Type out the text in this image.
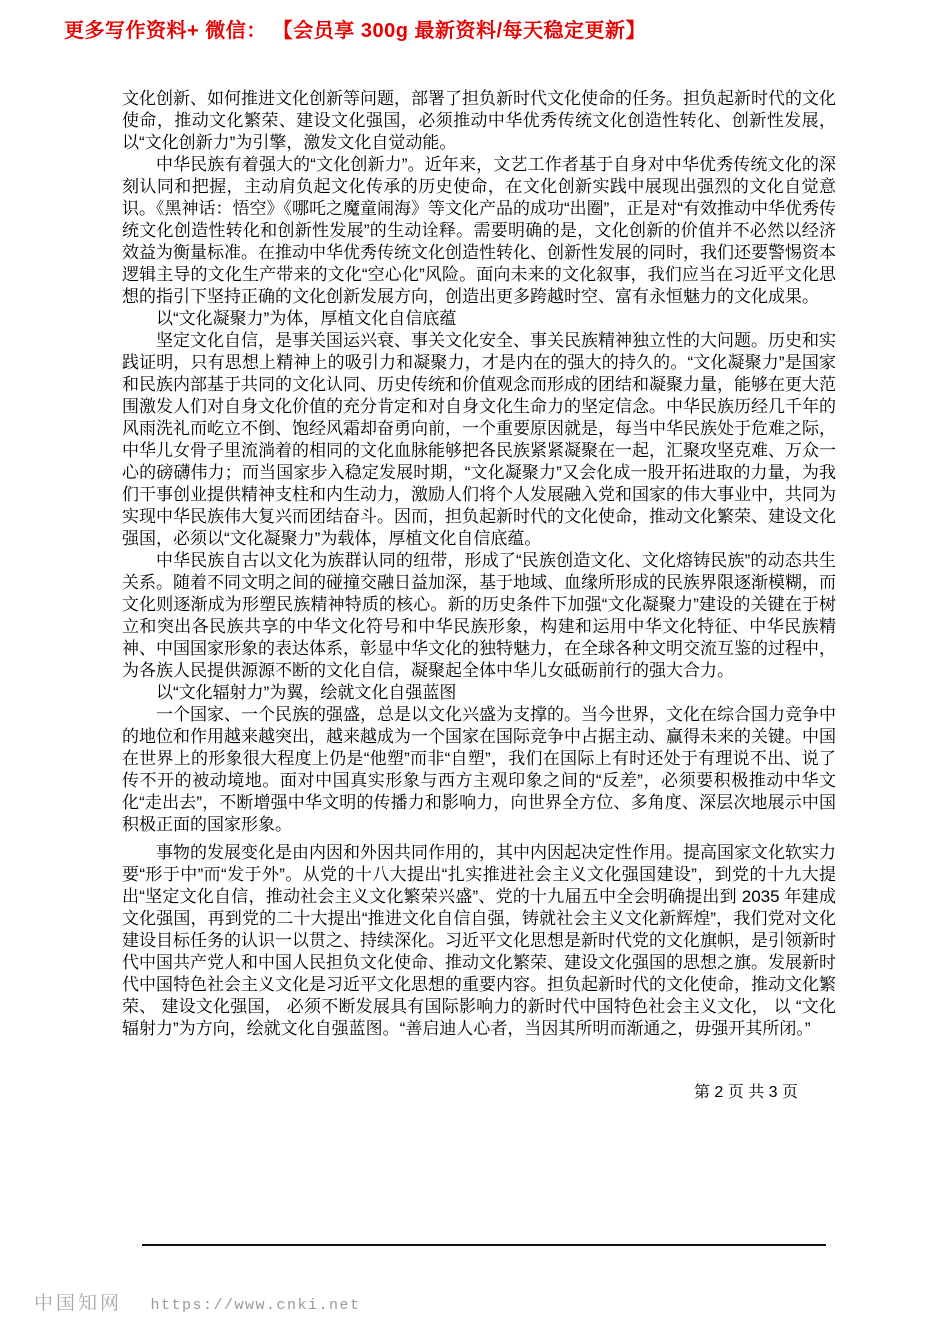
更多写作资料+ 微信： 【会员享 300g 最新资料/每天稳定更新】

文化创新、如何推进文化创新等问题，部署了担负新时代文化使命的任务。担负起新时代的文化使命，推动文化繁荣、建设文化强国，必须推动中华优秀传统文化创造性转化、创新性发展，以“文化创新力”为引擎，激发文化自觉动能。

中华民族有着强大的“文化创新力”。近年来，文艺工作者基于自身对中华优秀传统文化的深刻认同和把握，主动肩负起文化传承的历史使命，在文化创新实践中展现出强烈的文化自觉意识。《黑神话：悟空》《哪吒之魔童闹海》等文化产品的成功“出圈”，正是对“有效推动中华优秀传统文化创造性转化和创新性发展”的生动诠释。需要明确的是，文化创新的价值并不必然以经济效益为衡量标准。在推动中华优秀传统文化创造性转化、创新性发展的同时，我们还要警惕资本逻辑主导的文化生产带来的文化“空心化”风险。面向未来的文化叙事，我们应当在习近平文化思想的指引下坚持正确的文化创新发展方向，创造出更多跨越时空、富有永恒魅力的文化成果。

以“文化凝聚力”为体，厚植文化自信底蕴

坚定文化自信，是事关国运兴衰、事关文化安全、事关民族精神独立性的大问题。历史和实践证明，只有思想上精神上的吸引力和凝聚力，才是内在的强大的持久的。“文化凝聚力”是国家和民族内部基于共同的文化认同、历史传统和价值观念而形成的团结和凝聚力量，能够在更大范围激发人们对自身文化价值的充分肯定和对自身文化生命力的坚定信念。中华民族历经几千年的风雨洗礼而屹立不倒、饱经风霜却奋勇向前，一个重要原因就是，每当中华民族处于危难之际，中华儿女骨子里流淌着的相同的文化血脉能够把各民族紧紧凝聚在一起，汇聚攻坚克难、万众一心的磅礴伟力；而当国家步入稳定发展时期，“文化凝聚力”又会化成一股开拓进取的力量，为我们干事创业提供精神支柱和内生动力，激励人们将个人发展融入党和国家的伟大事业中，共同为实现中华民族伟大复兴而团结奋斗。因而，担负起新时代的文化使命，推动文化繁荣、建设文化强国，必须以“文化凝聚力”为载体，厚植文化自信底蕴。

中华民族自古以文化为族群认同的纽带，形成了“民族创造文化、文化熔铸民族”的动态共生关系。随着不同文明之间的碰撞交融日益加深，基于地域、血缘所形成的民族界限逐渐模糊，而文化则逐渐成为形塑民族精神特质的核心。新的历史条件下加强“文化凝聚力”建设的关键在于树立和突出各民族共享的中华文化符号和中华民族形象，构建和运用中华文化特征、中华民族精神、中国国家形象的表达体系，彰显中华文化的独特魅力，在全球各种文明交流互鉴的过程中，为各族人民提供源源不断的文化自信，凝聚起全体中华儿女砥砺前行的强大合力。

以“文化辐射力”为翼，绘就文化自强蓝图

一个国家、一个民族的强盛，总是以文化兴盛为支撑的。当今世界，文化在综合国力竞争中的地位和作用越来越突出，越来越成为一个国家在国际竞争中占据主动、赢得未来的关键。中国在世界上的形象很大程度上仍是“他塑”而非“自塑”，我们在国际上有时还处于有理说不出、说了传不开的被动境地。面对中国真实形象与西方主观印象之间的“反差”，必须要积极推动中华文化“走出去”，不断增强中华文明的传播力和影响力，向世界全方位、多角度、深层次地展示中国积极正面的国家形象。

事物的发展变化是由内因和外因共同作用的，其中内因起决定性作用。提高国家文化软实力要“形于中”而“发于外”。从党的十八大提出“扎实推进社会主义文化强国建设”，到党的十九大提出“坚定文化自信，推动社会主义文化繁荣兴盛”、党的十九届五中全会明确提出到 2035 年建成文化强国，再到党的二十大提出“推进文化自信自强，铸就社会主义文化新辉煌”，我们党对文化建设目标任务的认识一以贯之、持续深化。习近平文化思想是新时代党的文化旗帜，是引领新时代中国共产党人和中国人民担负文化使命、推动文化繁荣、建设文化强国的思想之旗。发展新时代中国特色社会主义文化是习近平文化思想的重要内容。担负起新时代的文化使命，推动文化繁荣、 建设文化强国， 必须不断发展具有国际影响力的新时代中国特色社会主义文化， 以 “文化辐射力”为方向，绘就文化自强蓝图。“善启迪人心者，当因其所明而渐通之，毋强开其所闭。”

第 2 页 共 3 页
中国知网 https://www.cnki.net
